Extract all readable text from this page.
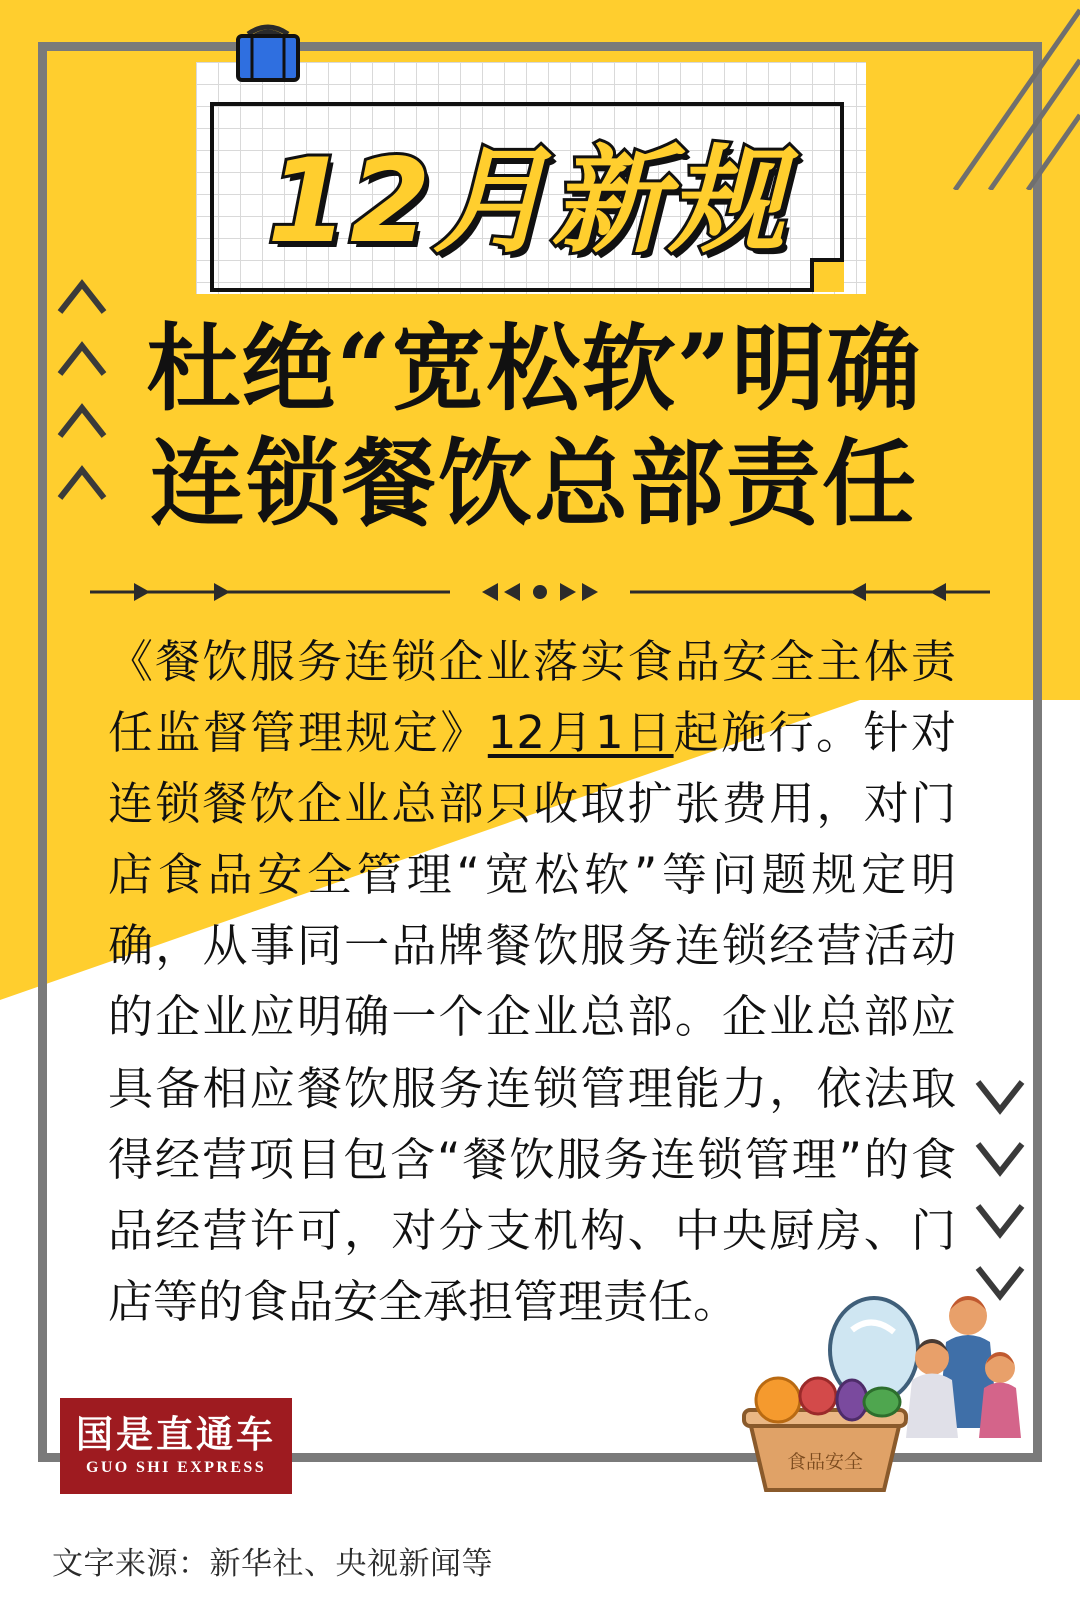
12月新规
杜绝“宽松软”明确
连锁餐饮总部责任
《餐饮服务连锁企业落实食品安全主体责任监督管理规定》12月1日起施行。针对连锁餐饮企业总部只收取扩张费用，对门店食品安全管理“宽松软”等问题规定明确，从事同一品牌餐饮服务连锁经营活动的企业应明确一个企业总部。企业总部应具备相应餐饮服务连锁管理能力，依法取得经营项目包含“餐饮服务连锁管理”的食品经营许可，对分支机构、中央厨房、门店等的食品安全承担管理责任。
食品安全
国是直通车
GUO SHI EXPRESS
文字来源：新华社、央视新闻等
